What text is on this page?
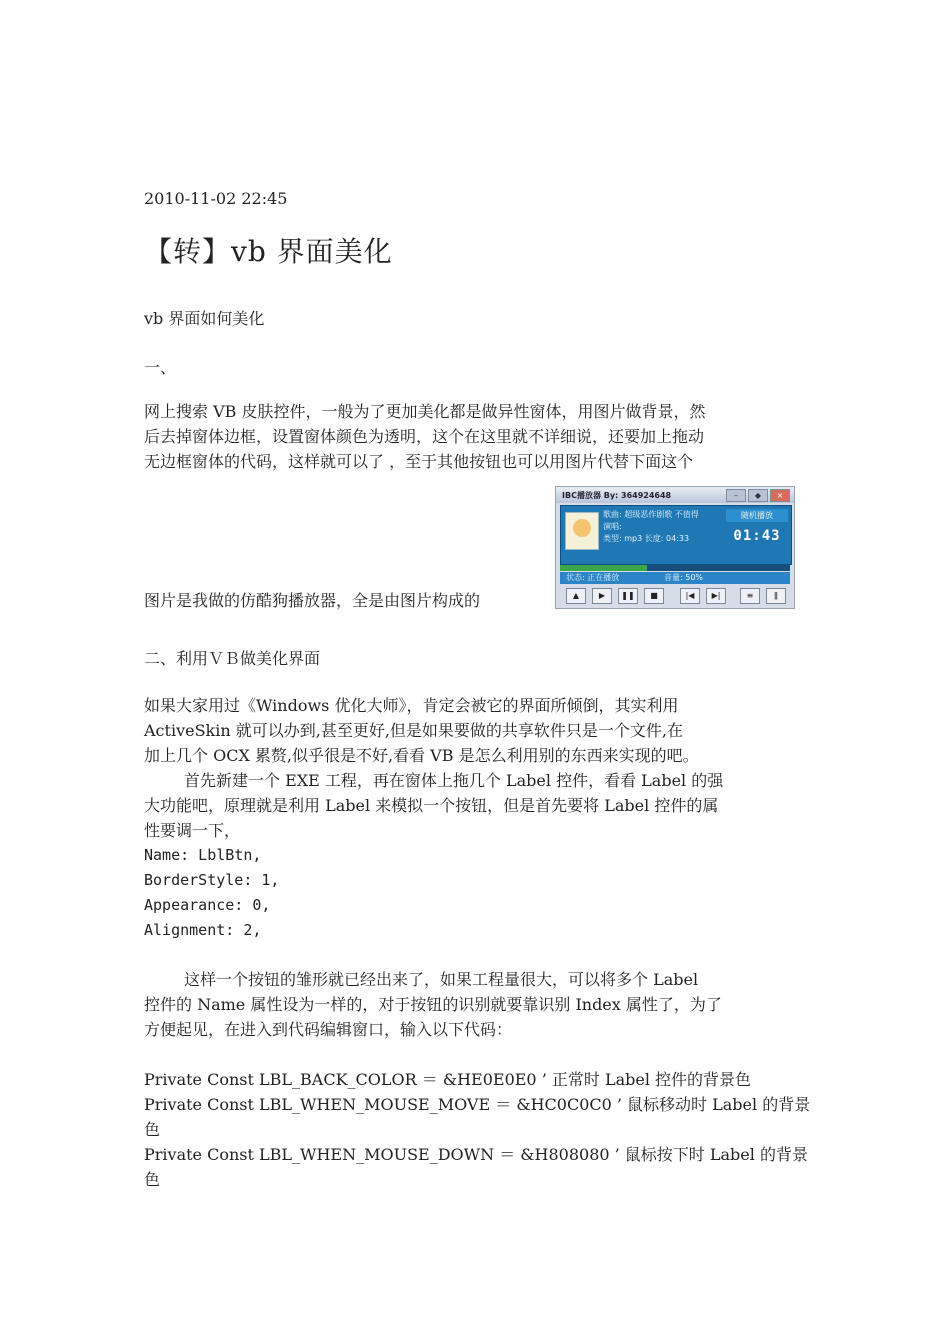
2010-11-02 22:45
【转】vb 界面美化
vb 界面如何美化
一、
网上搜索 VB 皮肤控件，一般为了更加美化都是做异性窗体，用图片做背景，然
后去掉窗体边框，设置窗体颜色为透明，这个在这里就不详细说，还要加上拖动
无边框窗体的代码，这样就可以了 ，至于其他按钮也可以用图片代替下面这个
图片是我做的仿酷狗播放器，全是由图片构成的
IBC播放器 By: 364924648	– ◆ ×
歌曲: 超级恶作剧歌 不值得
演唱:
类型: mp3 长度: 04:33
随机播放
01:43
状态: 正在播放	音量: 50%
▲	▶	❚❚	■	|◀	▶|	≡	ǁ
二、利用ＶＢ做美化界面
如果大家用过《Windows 优化大师》，肯定会被它的界面所倾倒，其实利用
ActiveSkin 就可以办到,甚至更好,但是如果要做的共享软件只是一个文件,在
加上几个 OCX 累赘,似乎很是不好,看看 VB 是怎么利用别的东西来实现的吧。
首先新建一个 EXE 工程，再在窗体上拖几个 Label 控件，看看 Label 的强
大功能吧，原理就是利用 Label 来模拟一个按钮，但是首先要将 Label 控件的属
性要调一下，
Name: LblBtn,
BorderStyle: 1,
Appearance: 0,
Alignment: 2,
这样一个按钮的雏形就已经出来了，如果工程量很大，可以将多个 Label
控件的 Name 属性设为一样的，对于按钮的识别就要靠识别 Index 属性了，为了
方便起见，在进入到代码编辑窗口，输入以下代码：
Private Const LBL_BACK_COLOR ＝ &HE0E0E0 ’ 正常时 Label 控件的背景色
Private Const LBL_WHEN_MOUSE_MOVE ＝ &HC0C0C0 ’ 鼠标移动时 Label 的背景
色
Private Const LBL_WHEN_MOUSE_DOWN ＝ &H808080 ’ 鼠标按下时 Label 的背景
色
